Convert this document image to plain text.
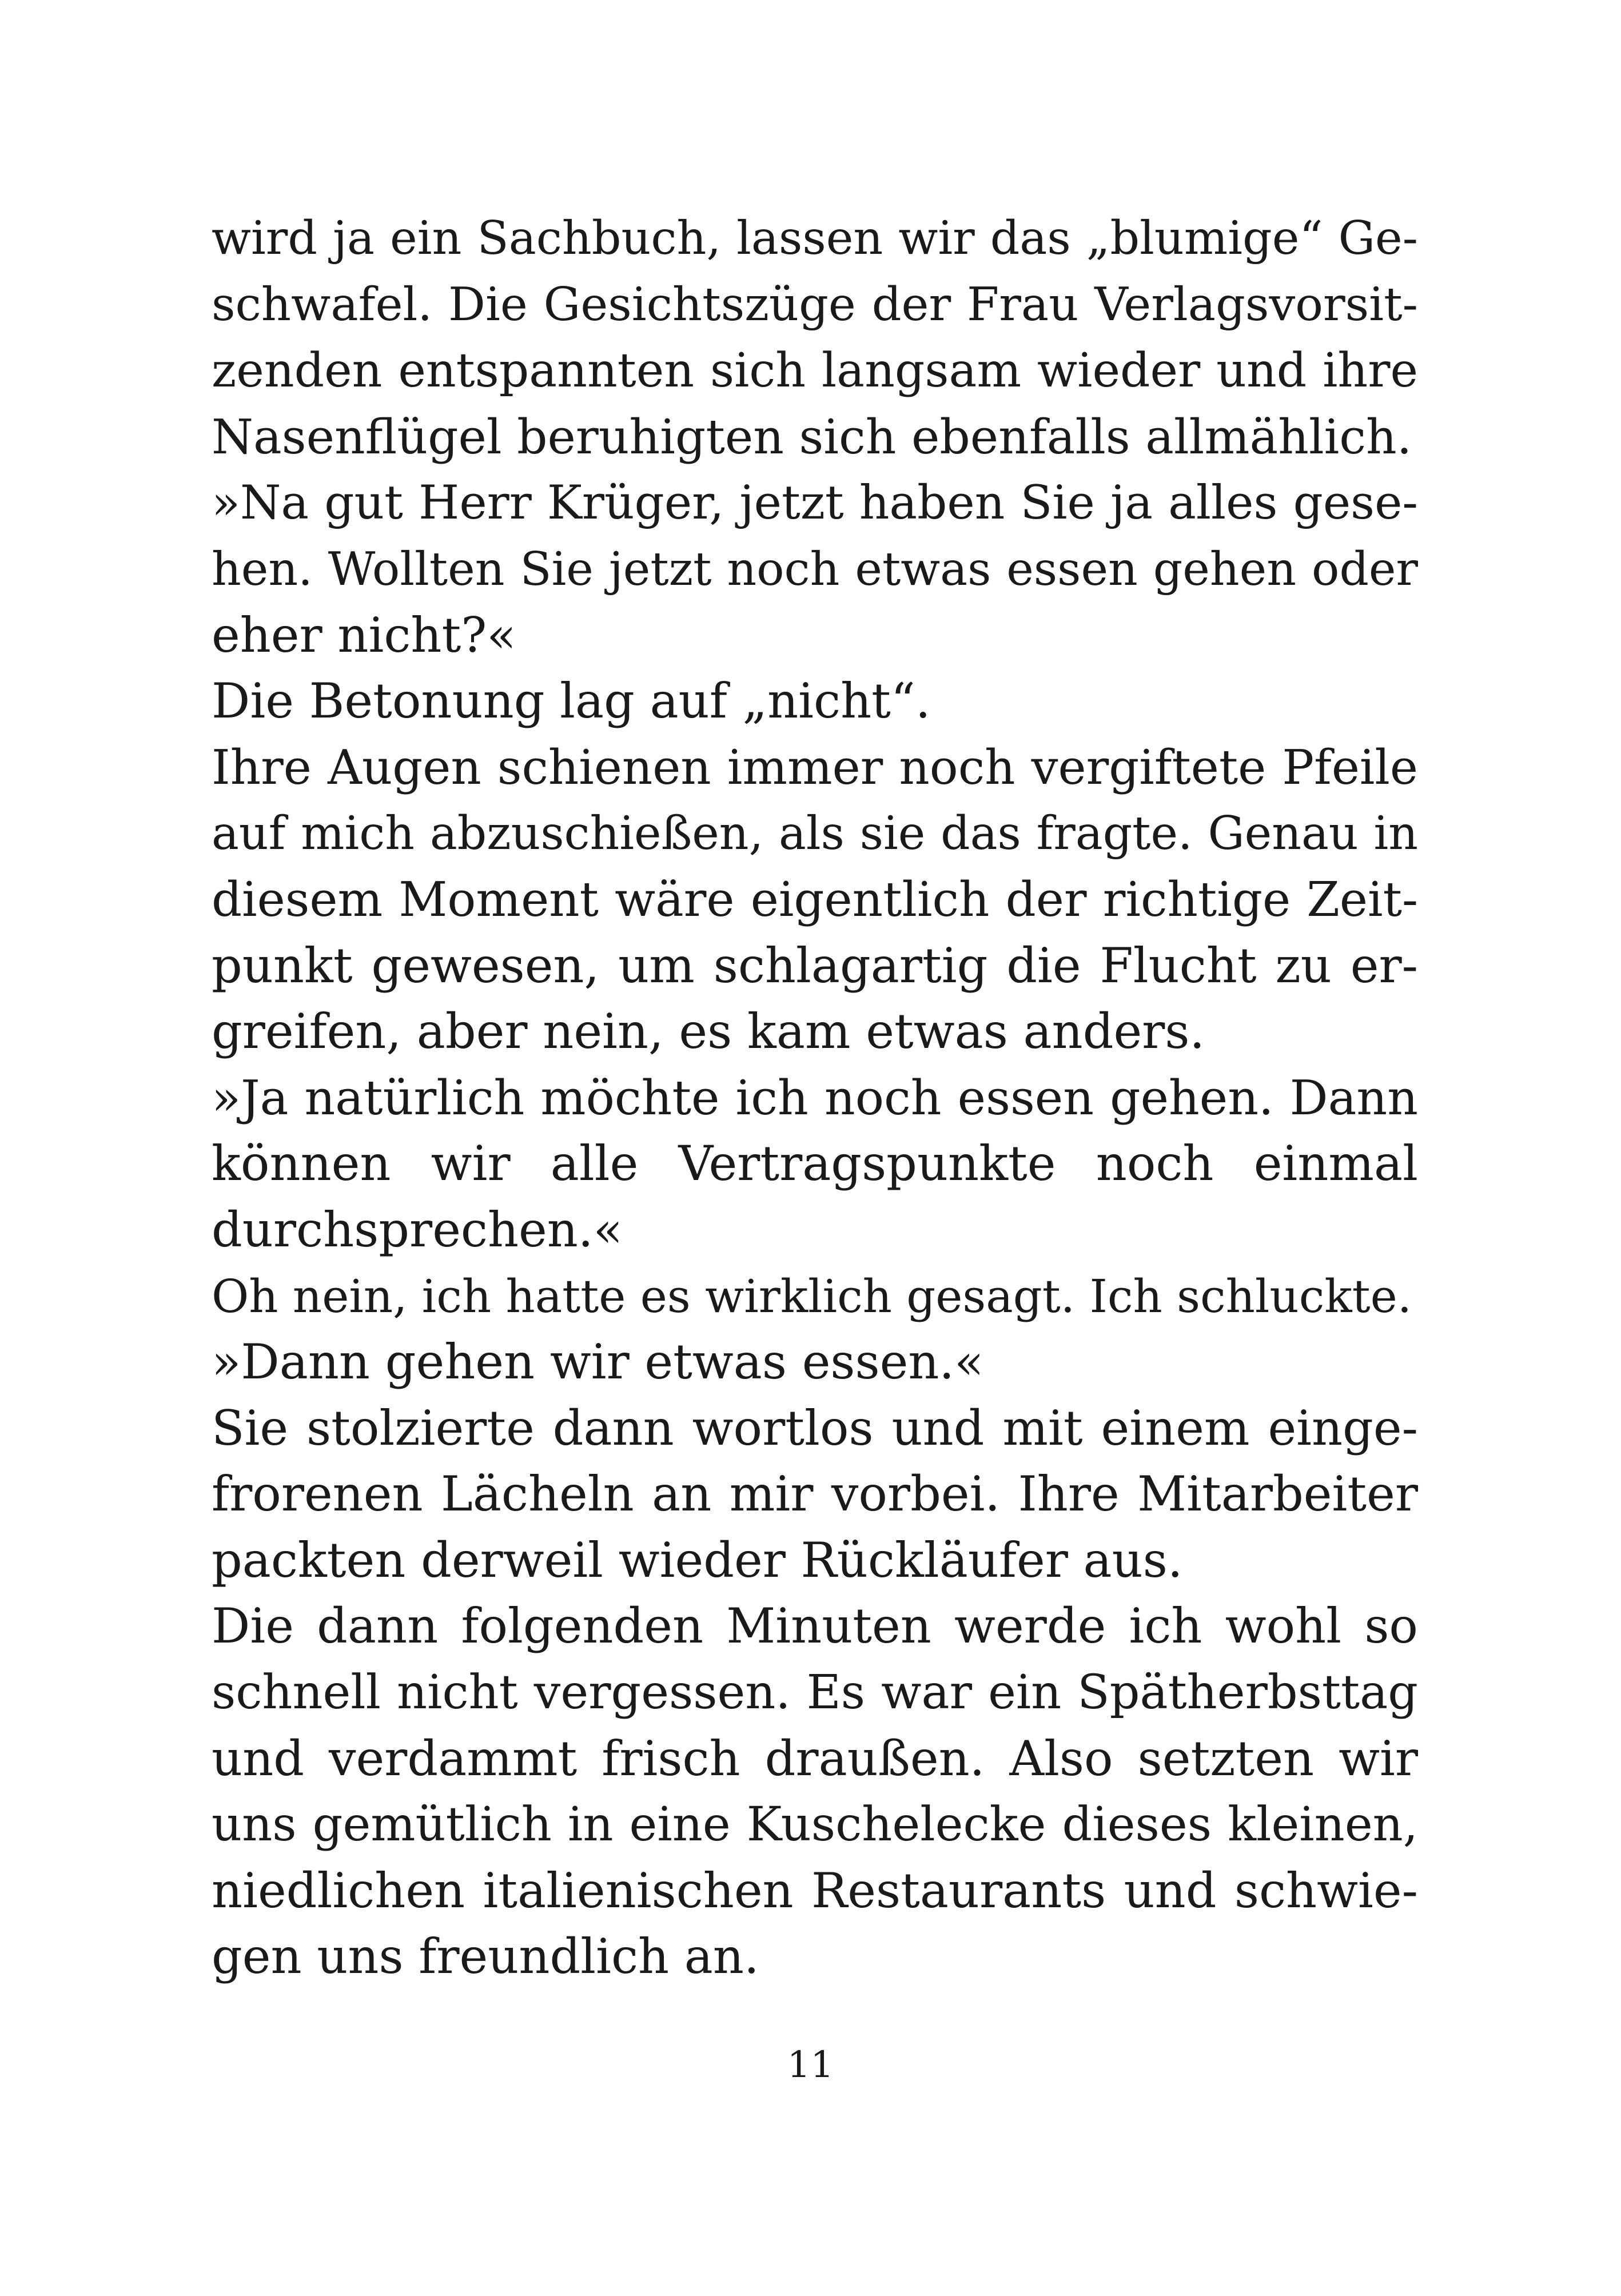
wird ja ein Sachbuch, lassen wir das „blumige“ Ge-
schwafel. Die Gesichtszüge der Frau Verlagsvorsit-
zenden entspannten sich langsam wieder und ihre
Nasenflügel beruhigten sich ebenfalls allmählich.
»Na gut Herr Krüger, jetzt haben Sie ja alles gese-
hen. Wollten Sie jetzt noch etwas essen gehen oder
eher nicht?«
Die Betonung lag auf „nicht“.
Ihre Augen schienen immer noch vergiftete Pfeile
auf mich abzuschießen, als sie das fragte. Genau in
diesem Moment wäre eigentlich der richtige Zeit-
punkt gewesen, um schlagartig die Flucht zu er-
greifen, aber nein, es kam etwas anders.
»Ja natürlich möchte ich noch essen gehen. Dann
können wir alle Vertragspunkte noch einmal
durchsprechen.«
Oh nein, ich hatte es wirklich gesagt. Ich schluckte.
»Dann gehen wir etwas essen.«
Sie stolzierte dann wortlos und mit einem einge-
frorenen Lächeln an mir vorbei. Ihre Mitarbeiter
packten derweil wieder Rückläufer aus.
Die dann folgenden Minuten werde ich wohl so
schnell nicht vergessen. Es war ein Spätherbsttag
und verdammt frisch draußen. Also setzten wir
uns gemütlich in eine Kuschelecke dieses kleinen,
niedlichen italienischen Restaurants und schwie-
gen uns freundlich an.
11
